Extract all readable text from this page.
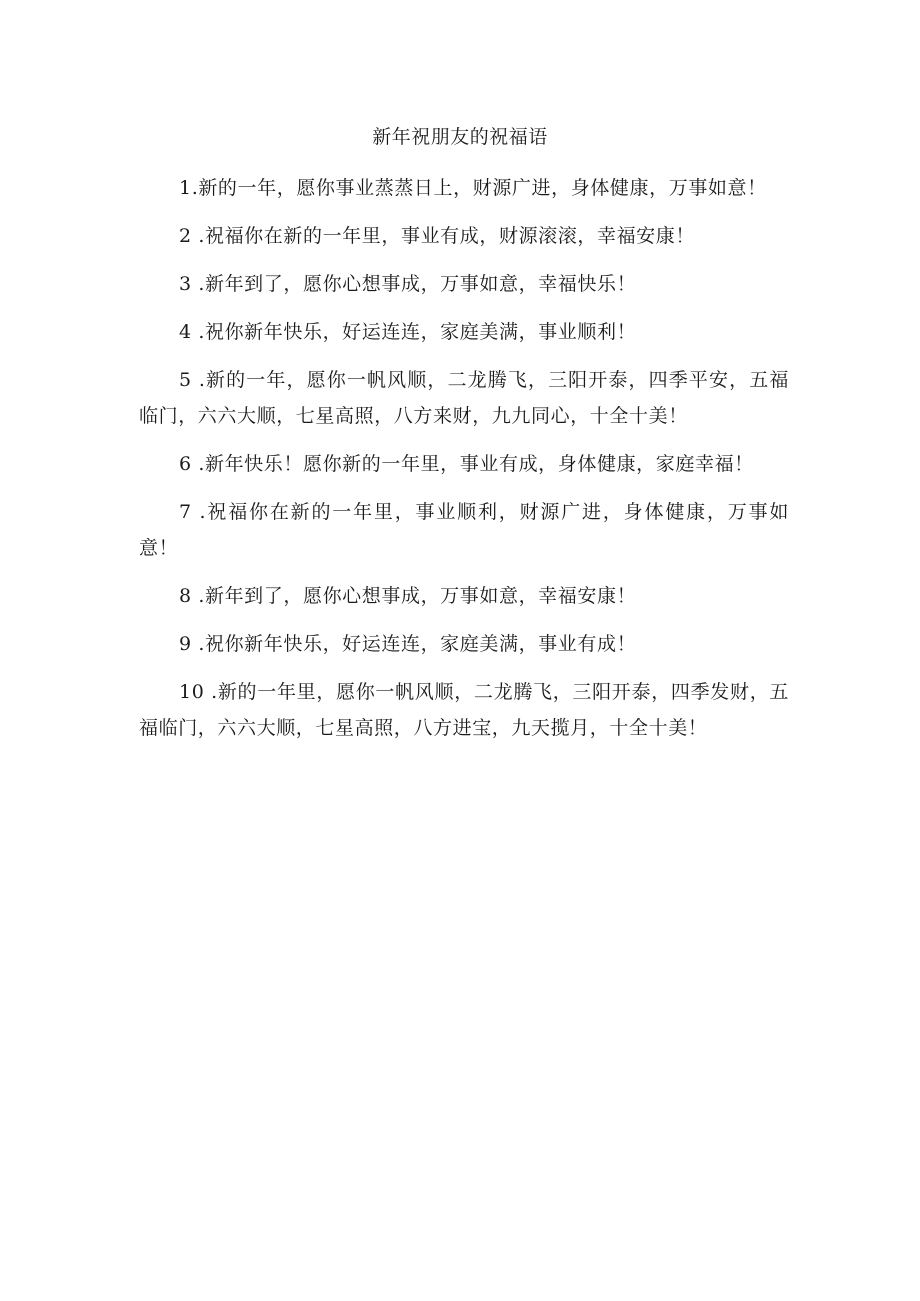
新年祝朋友的祝福语

1.新的一年，愿你事业蒸蒸日上，财源广进，身体健康，万事如意！

2 .祝福你在新的一年里，事业有成，财源滚滚，幸福安康！

3 .新年到了，愿你心想事成，万事如意，幸福快乐！

4 .祝你新年快乐，好运连连，家庭美满，事业顺利！

5 .新的一年，愿你一帆风顺，二龙腾飞，三阳开泰，四季平安，五福临门，六六大顺，七星高照，八方来财，九九同心，十全十美！

6 .新年快乐！愿你新的一年里，事业有成，身体健康，家庭幸福！

7 .祝福你在新的一年里，事业顺利，财源广进，身体健康，万事如意！

8 .新年到了，愿你心想事成，万事如意，幸福安康！

9 .祝你新年快乐，好运连连，家庭美满，事业有成！

10 .新的一年里，愿你一帆风顺，二龙腾飞，三阳开泰，四季发财，五福临门，六六大顺，七星高照，八方进宝，九天揽月，十全十美！
